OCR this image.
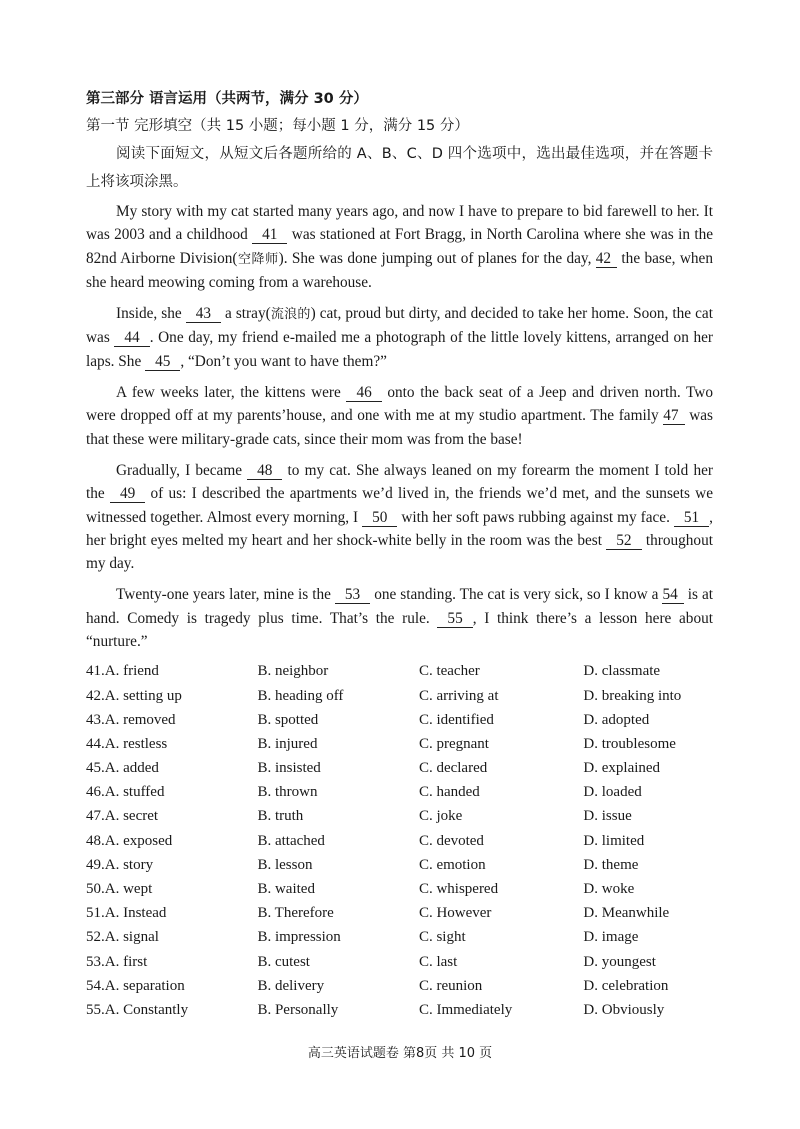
第三部分 语言运用（共两节，满分 30 分）
第一节 完形填空（共 15 小题；每小题 1 分，满分 15 分）
阅读下面短文，从短文后各题所给的 A、B、C、D 四个选项中，选出最佳选项，并在答题卡上将该项涂黑。

My story with my cat started many years ago, and now I have to prepare to bid farewell to her. It was 2003 and a childhood 41 was stationed at Fort Bragg, in North Carolina where she was in the 82nd Airborne Division(空降师). She was done jumping out of planes for the day, 42 the base, when she heard meowing coming from a warehouse.

Inside, she 43 a stray(流浪的) cat, proud but dirty, and decided to take her home. Soon, the cat was 44 . One day, my friend e-mailed me a photograph of the little lovely kittens, arranged on her laps. She 45 , “Don’t you want to have them?”

A few weeks later, the kittens were 46 onto the back seat of a Jeep and driven north. Two were dropped off at my parents’house, and one with me at my studio apartment. The family 47 was that these were military-grade cats, since their mom was from the base!

Gradually, I became 48 to my cat. She always leaned on my forearm the moment I told her the 49 of us: I described the apartments we’d lived in, the friends we’d met, and the sunsets we witnessed together. Almost every morning, I 50 with her soft paws rubbing against my face. 51 , her bright eyes melted my heart and her shock-white belly in the room was the best 52 throughout my day.

Twenty-one years later, mine is the 53 one standing. The cat is very sick, so I know a 54 is at hand. Comedy is tragedy plus time. That’s the rule. 55 , I think there’s a lesson here about “nurture.”

41.A. friend	B. neighbor	C. teacher	D. classmate
42.A. setting up	B. heading off	C. arriving at	D. breaking into
43.A. removed	B. spotted	C. identified	D. adopted
44.A. restless	B. injured	C. pregnant	D. troublesome
45.A. added	B. insisted	C. declared	D. explained
46.A. stuffed	B. thrown	C. handed	D. loaded
47.A. secret	B. truth	C. joke	D. issue
48.A. exposed	B. attached	C. devoted	D. limited
49.A. story	B. lesson	C. emotion	D. theme
50.A. wept	B. waited	C. whispered	D. woke
51.A. Instead	B. Therefore	C. However	D. Meanwhile
52.A. signal	B. impression	C. sight	D. image
53.A. first	B. cutest	C. last	D. youngest
54.A. separation	B. delivery	C. reunion	D. celebration
55.A. Constantly	B. Personally	C. Immediately	D. Obviously
高三英语试题卷 第8页 共 10 页
